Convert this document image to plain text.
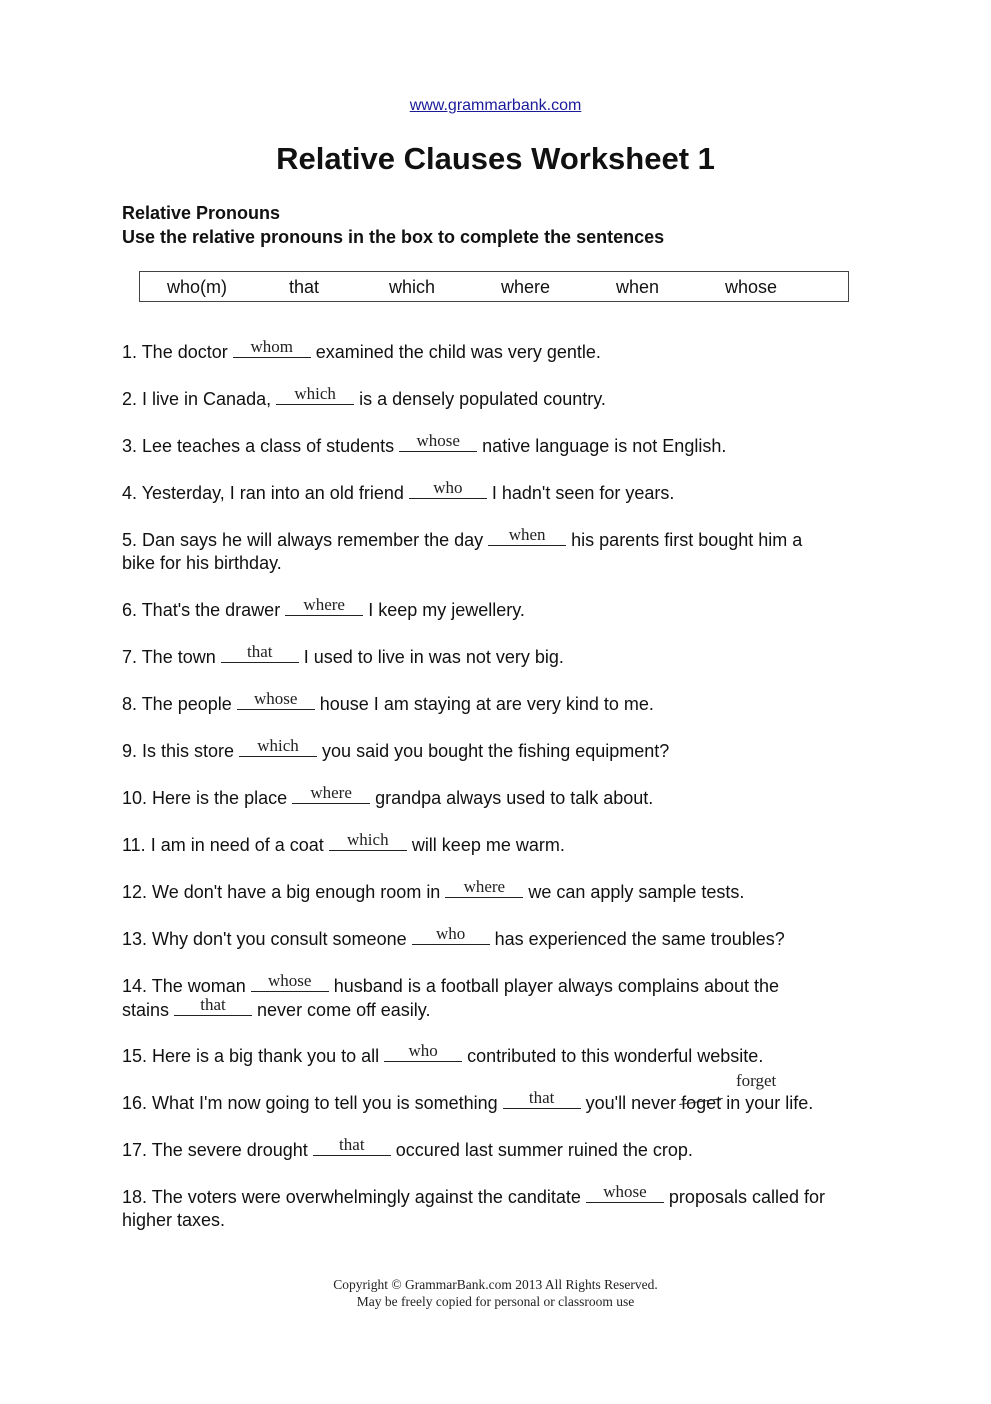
www.grammarbank.com
Relative Clauses Worksheet 1
Relative Pronouns
Use the relative pronouns in the box to complete the sentences
who(m)	that	which	where	when	whose
1. The doctor	whom examined the child was very gentle.
2. I live in Canada,	which	is a densely populated country.
3. Lee teaches a class of students	whose native language is not English.
4. Yesterday, I ran into an old friend	who	I hadn't seen for years.
5. Dan says he will always remember the day	when	his parents first bought him a
bike for his birthday.
6. That's the drawer	where	I keep my jewellery.
7. The town	that	I used to live in was not very big.
8. The people	whose house I am staying at are very kind to me.
9. Is this store	which	you said you bought the fishing equipment?
10. Here is the place	where	grandpa always used to talk about.
11. I am in need of a coat	which	will keep me warm.
12. We don't have a big enough room in	where	we can apply sample tests.
13. Why don't you consult someone	who	has experienced the same troubles?
14. The woman	whose husband is a football player always complains about the
stains	that	never come off easily.
15. Here is a big thank you to all	who	contributed to this wonderful website.
16. What I'm now going to tell you is something	that	you'll never foget in your life.
forget
17. The severe drought	that	occured last summer ruined the crop.
18. The voters were overwhelmingly against the canditate	whose proposals called for
higher taxes.
Copyright © GrammarBank.com 2013 All Rights Reserved.
May be freely copied for personal or classroom use
